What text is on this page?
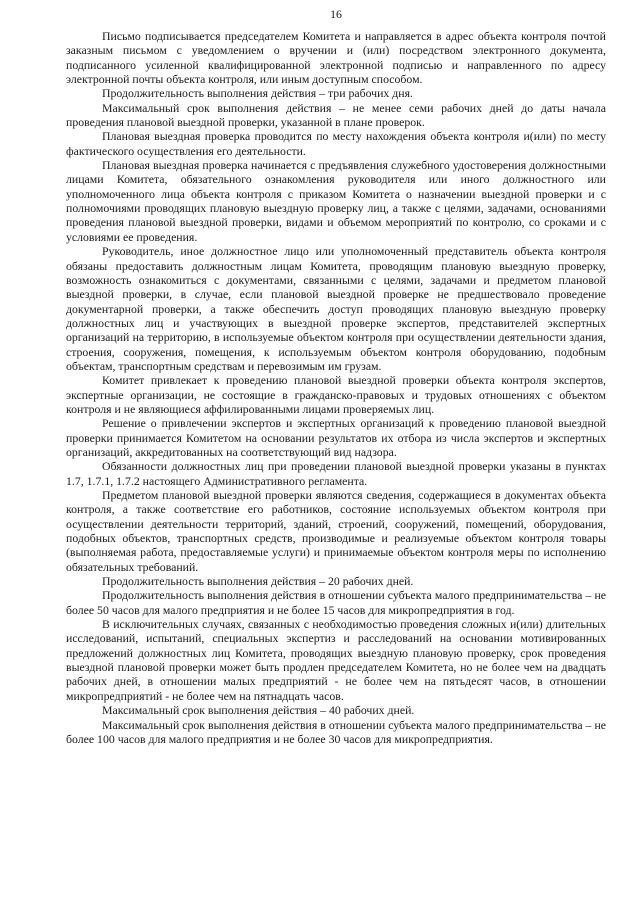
16

Письмо подписывается председателем Комитета и направляется в адрес объекта контроля почтой заказным письмом с уведомлением о вручении и (или) посредством электронного документа, подписанного усиленной квалифицированной электронной подписью и направленного по адресу электронной почты объекта контроля, или иным доступным способом.

Продолжительность выполнения действия – три рабочих дня.

Максимальный срок выполнения действия – не менее семи рабочих дней до даты начала проведения плановой выездной проверки, указанной в плане проверок.

Плановая выездная проверка проводится по месту нахождения объекта контроля и(или) по месту фактического осуществления его деятельности.

Плановая выездная проверка начинается с предъявления служебного удостоверения должностными лицами Комитета, обязательного ознакомления руководителя или иного должностного или уполномоченного лица объекта контроля с приказом Комитета о назначении выездной проверки и с полномочиями проводящих плановую выездную проверку лиц, а также с целями, задачами, основаниями проведения плановой выездной проверки, видами и объемом мероприятий по контролю, со сроками и с условиями ее проведения.

Руководитель, иное должностное лицо или уполномоченный представитель объекта контроля обязаны предоставить должностным лицам Комитета, проводящим плановую выездную проверку, возможность ознакомиться с документами, связанными с целями, задачами и предметом плановой выездной проверки, в случае, если плановой выездной проверке не предшествовало проведение документарной проверки, а также обеспечить доступ проводящих плановую выездную проверку должностных лиц и участвующих в выездной проверке экспертов, представителей экспертных организаций на территорию, в используемые объектом контроля при осуществлении деятельности здания, строения, сооружения, помещения, к используемым объектом контроля оборудованию, подобным объектам, транспортным средствам и перевозимым им грузам.

Комитет привлекает к проведению плановой выездной проверки объекта контроля экспертов, экспертные организации, не состоящие в гражданско-правовых и трудовых отношениях с объектом контроля и не являющиеся аффилированными лицами проверяемых лиц.

Решение о привлечении экспертов и экспертных организаций к проведению плановой выездной проверки принимается Комитетом на основании результатов их отбора из числа экспертов и экспертных организаций, аккредитованных на соответствующий вид надзора.

Обязанности должностных лиц при проведении плановой выездной проверки указаны в пунктах 1.7, 1.7.1, 1.7.2 настоящего Административного регламента.

Предметом плановой выездной проверки являются сведения, содержащиеся в документах объекта контроля, а также соответствие его работников, состояние используемых объектом контроля при осуществлении деятельности территорий, зданий, строений, сооружений, помещений, оборудования, подобных объектов, транспортных средств, производимые и реализуемые объектом контроля товары (выполняемая работа, предоставляемые услуги) и принимаемые объектом контроля меры по исполнению обязательных требований.

Продолжительность выполнения действия – 20 рабочих дней.

Продолжительность выполнения действия в отношении субъекта малого предпринимательства – не более 50 часов для малого предприятия и не более 15 часов для микропредприятия в год.

В исключительных случаях, связанных с необходимостью проведения сложных и(или) длительных исследований, испытаний, специальных экспертиз и расследований на основании мотивированных предложений должностных лиц Комитета, проводящих выездную плановую проверку, срок проведения выездной плановой проверки может быть продлен председателем Комитета, но не более чем на двадцать рабочих дней, в отношении малых предприятий - не более чем на пятьдесят часов, в отношении микропредприятий - не более чем на пятнадцать часов.

Максимальный срок выполнения действия – 40 рабочих дней.

Максимальный срок выполнения действия в отношении субъекта малого предпринимательства – не более 100 часов для малого предприятия и не более 30 часов для микропредприятия.
